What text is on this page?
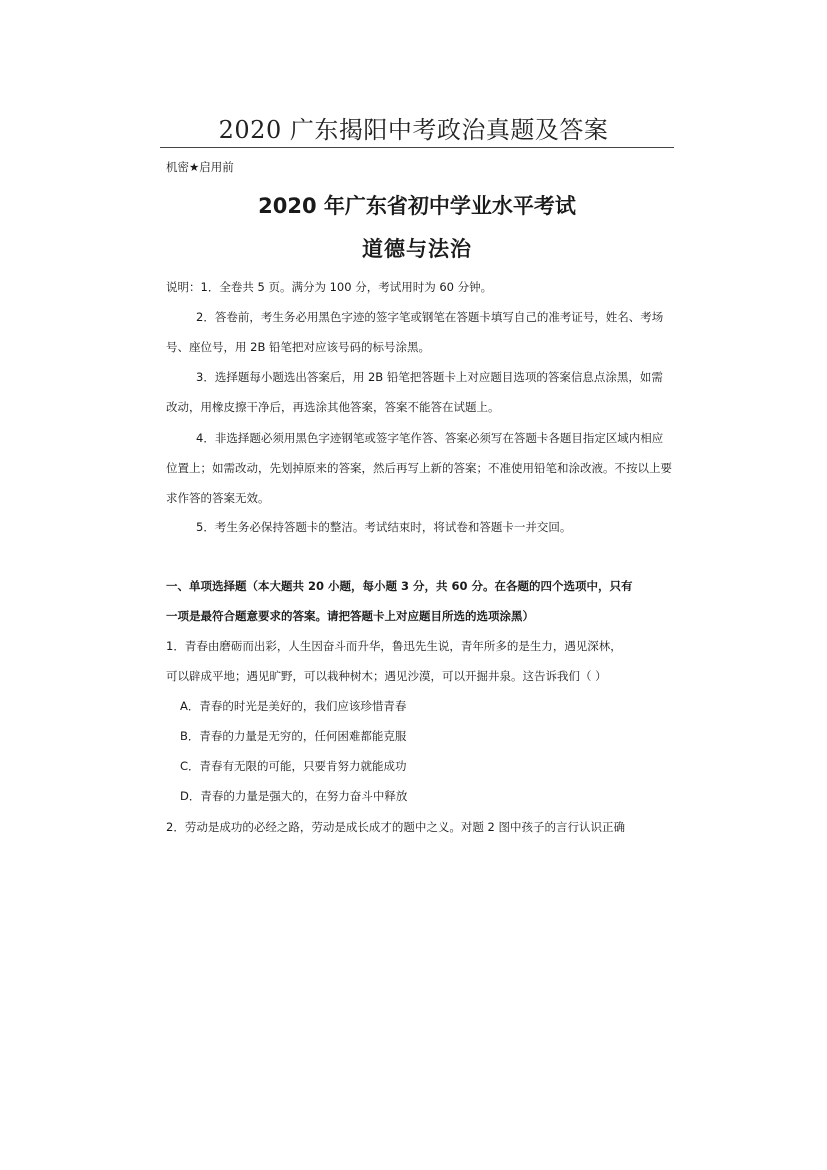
2020 广东揭阳中考政治真题及答案
机密★启用前
2020 年广东省初中学业水平考试
道德与法治
说明：1．全卷共 5 页。满分为 100 分，考试用时为 60 分钟。
2．答卷前，考生务必用黑色字迹的签字笔或钢笔在答题卡填写自己的准考证号，姓名、考场
号、座位号，用 2B 铅笔把对应该号码的标号涂黑。
3．选择题每小题选出答案后，用 2B 铅笔把答题卡上对应题目选项的答案信息点涂黑，如需
改动，用橡皮擦干净后，再选涂其他答案，答案不能答在试题上。
4．非选择题必须用黑色字迹钢笔或签字笔作答、答案必须写在答题卡各题目指定区域内相应
位置上；如需改动，先划掉原来的答案，然后再写上新的答案；不准使用铅笔和涂改液。不按以上要
求作答的答案无效。
5．考生务必保持答题卡的整洁。考试结束时，将试卷和答题卡一并交回。
一、单项选择题（本大题共 20 小题，每小题 3 分，共 60 分。在各题的四个选项中，只有
一项是最符合题意要求的答案。请把答题卡上对应题目所选的选项涂黑）
1．青春由磨砺而出彩，人生因奋斗而升华，鲁迅先生说，青年所多的是生力，遇见深林，
可以辟成平地；遇见旷野，可以栽种树木；遇见沙漠，可以开掘井泉。这告诉我们（ ）
A．青春的时光是美好的，我们应该珍惜青春
B．青春的力量是无穷的，任何困难都能克服
C．青春有无限的可能，只要肯努力就能成功
D．青春的力量是强大的，在努力奋斗中释放
2．劳动是成功的必经之路，劳动是成长成才的题中之义。对题 2 图中孩子的言行认识正确
